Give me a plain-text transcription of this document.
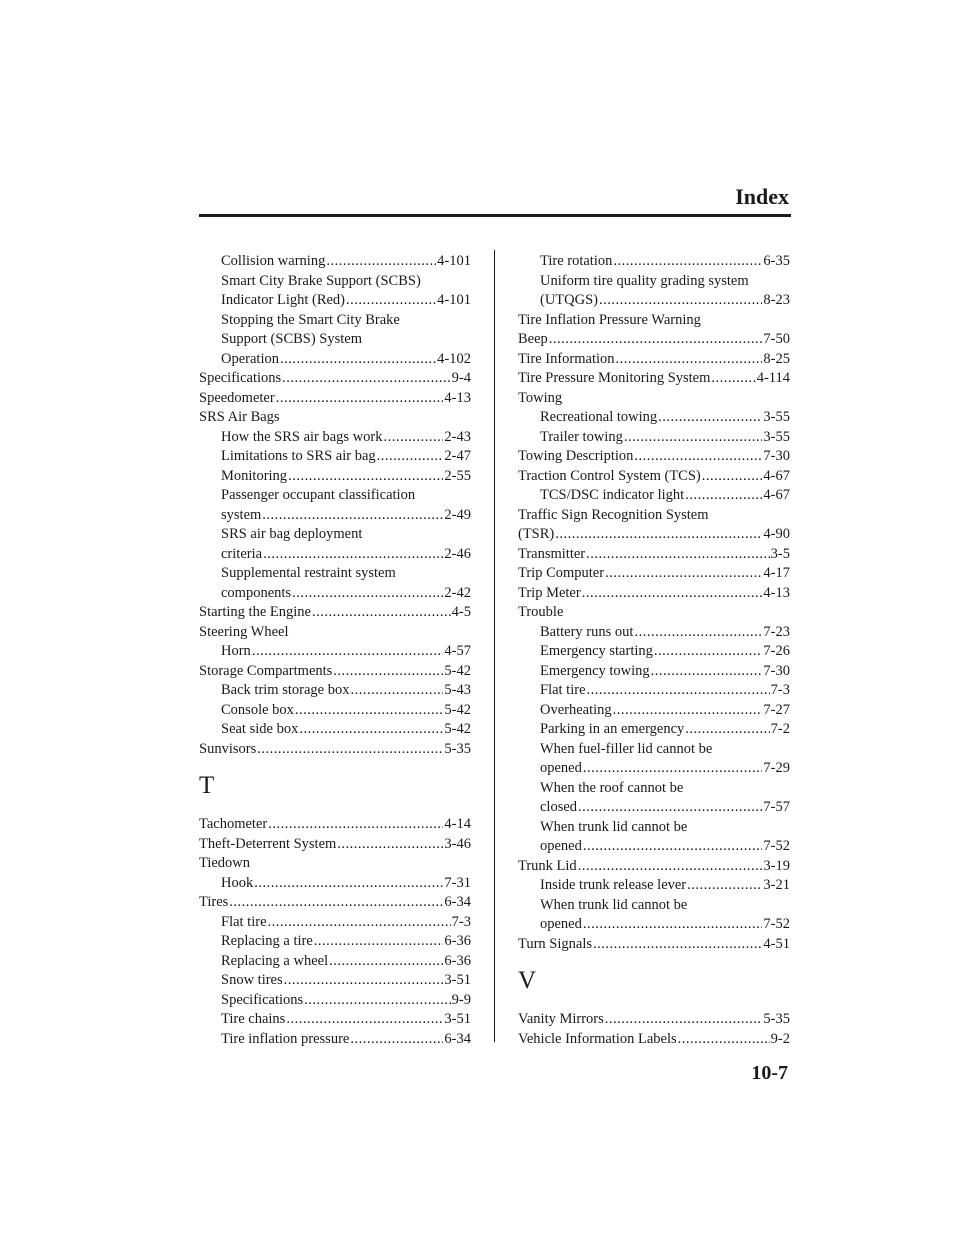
Index
Collision warning .....	4-101
Smart City Brake Support (SCBS)
Indicator Light (Red) .....	4-101
Stopping the Smart City Brake
Support (SCBS) System
Operation .....	4-102
Specifications .....	9-4
Speedometer .....	4-13
SRS Air Bags
How the SRS air bags work .....	2-43
Limitations to SRS air bag .....	2-47
Monitoring .....	2-55
Passenger occupant classification
system .....	2-49
SRS air bag deployment
criteria .....	2-46
Supplemental restraint system
components .....	2-42
Starting the Engine .....	4-5
Steering Wheel
Horn .....	4-57
Storage Compartments .....	5-42
Back trim storage box .....	5-43
Console box .....	5-42
Seat side box .....	5-42
Sunvisors .....	5-35
T
Tachometer .....	4-14
Theft-Deterrent System .....	3-46
Tiedown
Hook .....	7-31
Tires .....	6-34
Flat tire .....	7-3
Replacing a tire .....	6-36
Replacing a wheel .....	6-36
Snow tires .....	3-51
Specifications .....	9-9
Tire chains .....	3-51
Tire inflation pressure .....	6-34
Tire rotation .....	6-35
Uniform tire quality grading system
(UTQGS) .....	8-23
Tire Inflation Pressure Warning
Beep .....	7-50
Tire Information .....	8-25
Tire Pressure Monitoring System .....	4-114
Towing
Recreational towing .....	3-55
Trailer towing .....	3-55
Towing Description .....	7-30
Traction Control System (TCS) .....	4-67
TCS/DSC indicator light .....	4-67
Traffic Sign Recognition System
(TSR) .....	4-90
Transmitter .....	3-5
Trip Computer .....	4-17
Trip Meter .....	4-13
Trouble
Battery runs out .....	7-23
Emergency starting .....	7-26
Emergency towing .....	7-30
Flat tire .....	7-3
Overheating .....	7-27
Parking in an emergency .....	7-2
When fuel-filler lid cannot be
opened .....	7-29
When the roof cannot be
closed .....	7-57
When trunk lid cannot be
opened .....	7-52
Trunk Lid .....	3-19
Inside trunk release lever .....	3-21
When trunk lid cannot be
opened .....	7-52
Turn Signals .....	4-51
V
Vanity Mirrors .....	5-35
Vehicle Information Labels .....	9-2
10-7
